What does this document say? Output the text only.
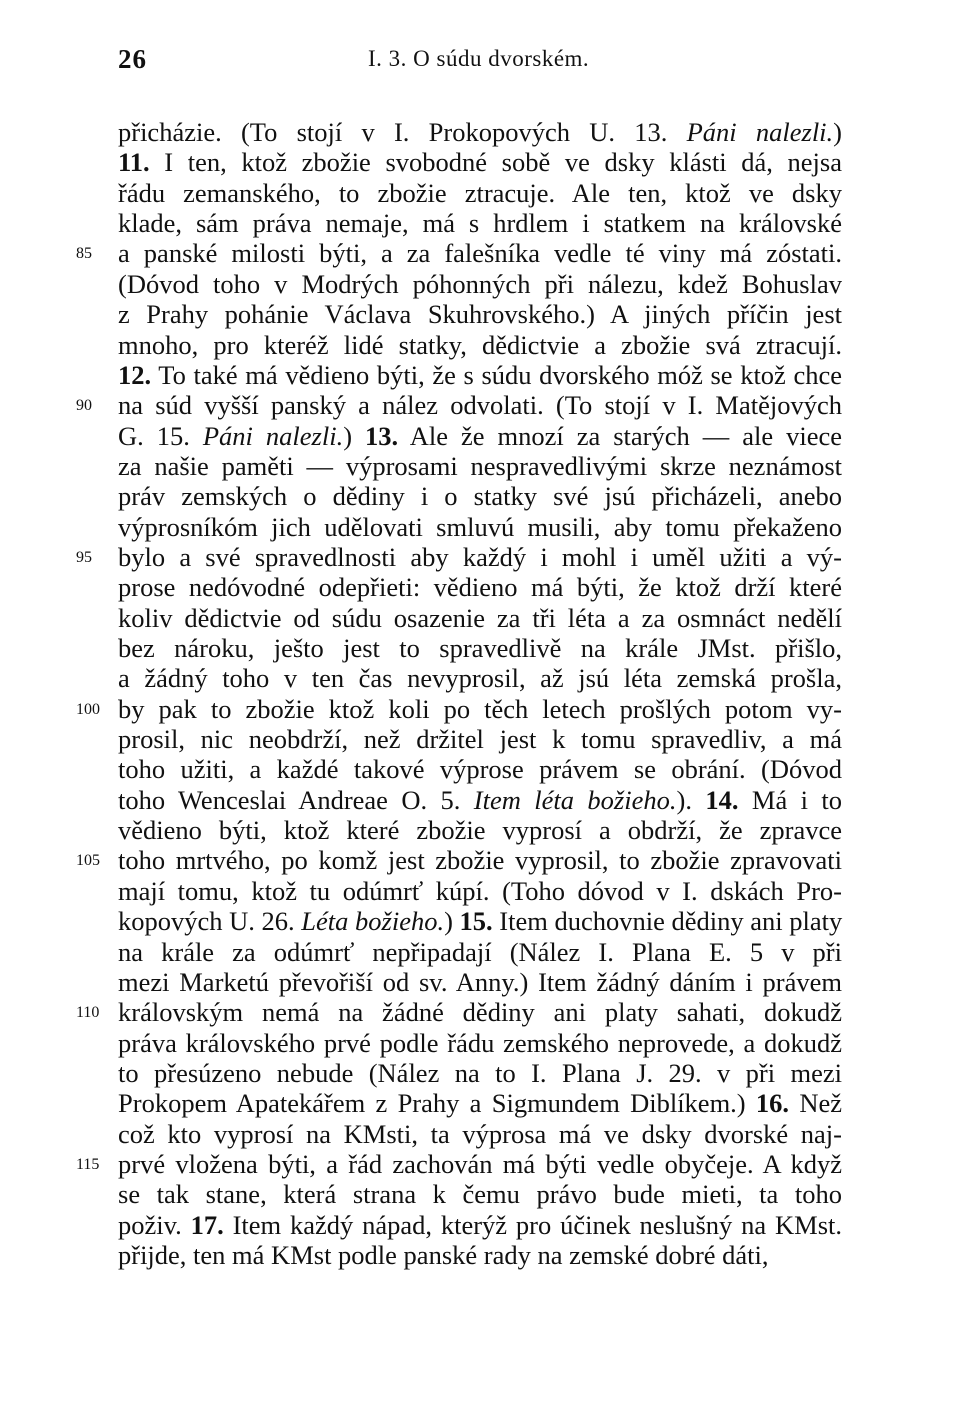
26	I. 3. O súdu dvorském.
přicházie. (To stojí v I. Prokopových U. 13. Páni nalezli.)
11. I ten, ktož zbožie svobodné sobě ve dsky klásti dá, nejsa
řádu zemanského, to zbožie ztracuje. Ale ten, ktož ve dsky
klade, sám práva nemaje, má s hrdlem i statkem na královské
a panské milosti býti, a za falešníka vedle té viny má zóstati.
(Dóvod toho v Modrých póhonných při nálezu, kdež Bohuslav
z Prahy pohánie Václava Skuhrovského.) A jiných příčin jest
mnoho, pro kteréž lidé statky, dědictvie a zbožie svá ztracují.
12. To také má vědieno býti, že s súdu dvorského móž se ktož chce
na súd vyšší panský a nález odvolati. (To stojí v I. Matějových
G. 15. Páni nalezli.) 13. Ale že mnozí za starých — ale viece
za našie paměti — výprosami nespravedlivými skrze neznámost
práv zemských o dědiny i o statky své jsú přicházeli, anebo
výprosníkóm jich udělovati smluvú musili, aby tomu překaženo
bylo a své spravedlnosti aby každý i mohl i uměl užiti a vý-
prose nedóvodné odepřieti: vědieno má býti, že ktož drží které
koliv dědictvie od súdu osazenie za tři léta a za osmnáct nedělí
bez nároku, ješto jest to spravedlivě na krále JMst. přišlo,
a žádný toho v ten čas nevyprosil, až jsú léta zemská prošla,
by pak to zbožie ktož koli po těch letech prošlých potom vy-
prosil, nic neobdrží, než držitel jest k tomu spravedliv, a má
toho užiti, a každé takové výprose právem se obrání. (Dóvod
toho Wenceslai Andreae O. 5. Item léta božieho.). 14. Má i to
vědieno býti, ktož které zbožie vyprosí a obdrží, že zpravce
toho mrtvého, po komž jest zbožie vyprosil, to zbožie zpravovati
mají tomu, ktož tu odúmrť kúpí. (Toho dóvod v I. dskách Pro-
kopových U. 26. Léta božieho.) 15. Item duchovnie dědiny ani platy
na krále za odúmrť nepřipadají (Nález I. Plana E. 5 v při
mezi Marketú převořiší od sv. Anny.) Item žádný dáním i právem
královským nemá na žádné dědiny ani platy sahati, dokudž
práva královského prvé podle řádu zemského neprovede, a dokudž
to přesúzeno nebude (Nález na to I. Plana J. 29. v při mezi
Prokopem Apatekářem z Prahy a Sigmundem Diblíkem.) 16. Než
což kto vyprosí na KMsti, ta výprosa má ve dsky dvorské naj-
prvé vložena býti, a řád zachován má býti vedle obyčeje. A když
se tak stane, která strana k čemu právo bude mieti, ta toho
poživ. 17. Item každý nápad, kterýž pro účinek neslušný na KMst.
přijde, ten má KMst podle panské rady na zemské dobré dáti,
85
90
95
100
105
110
115
